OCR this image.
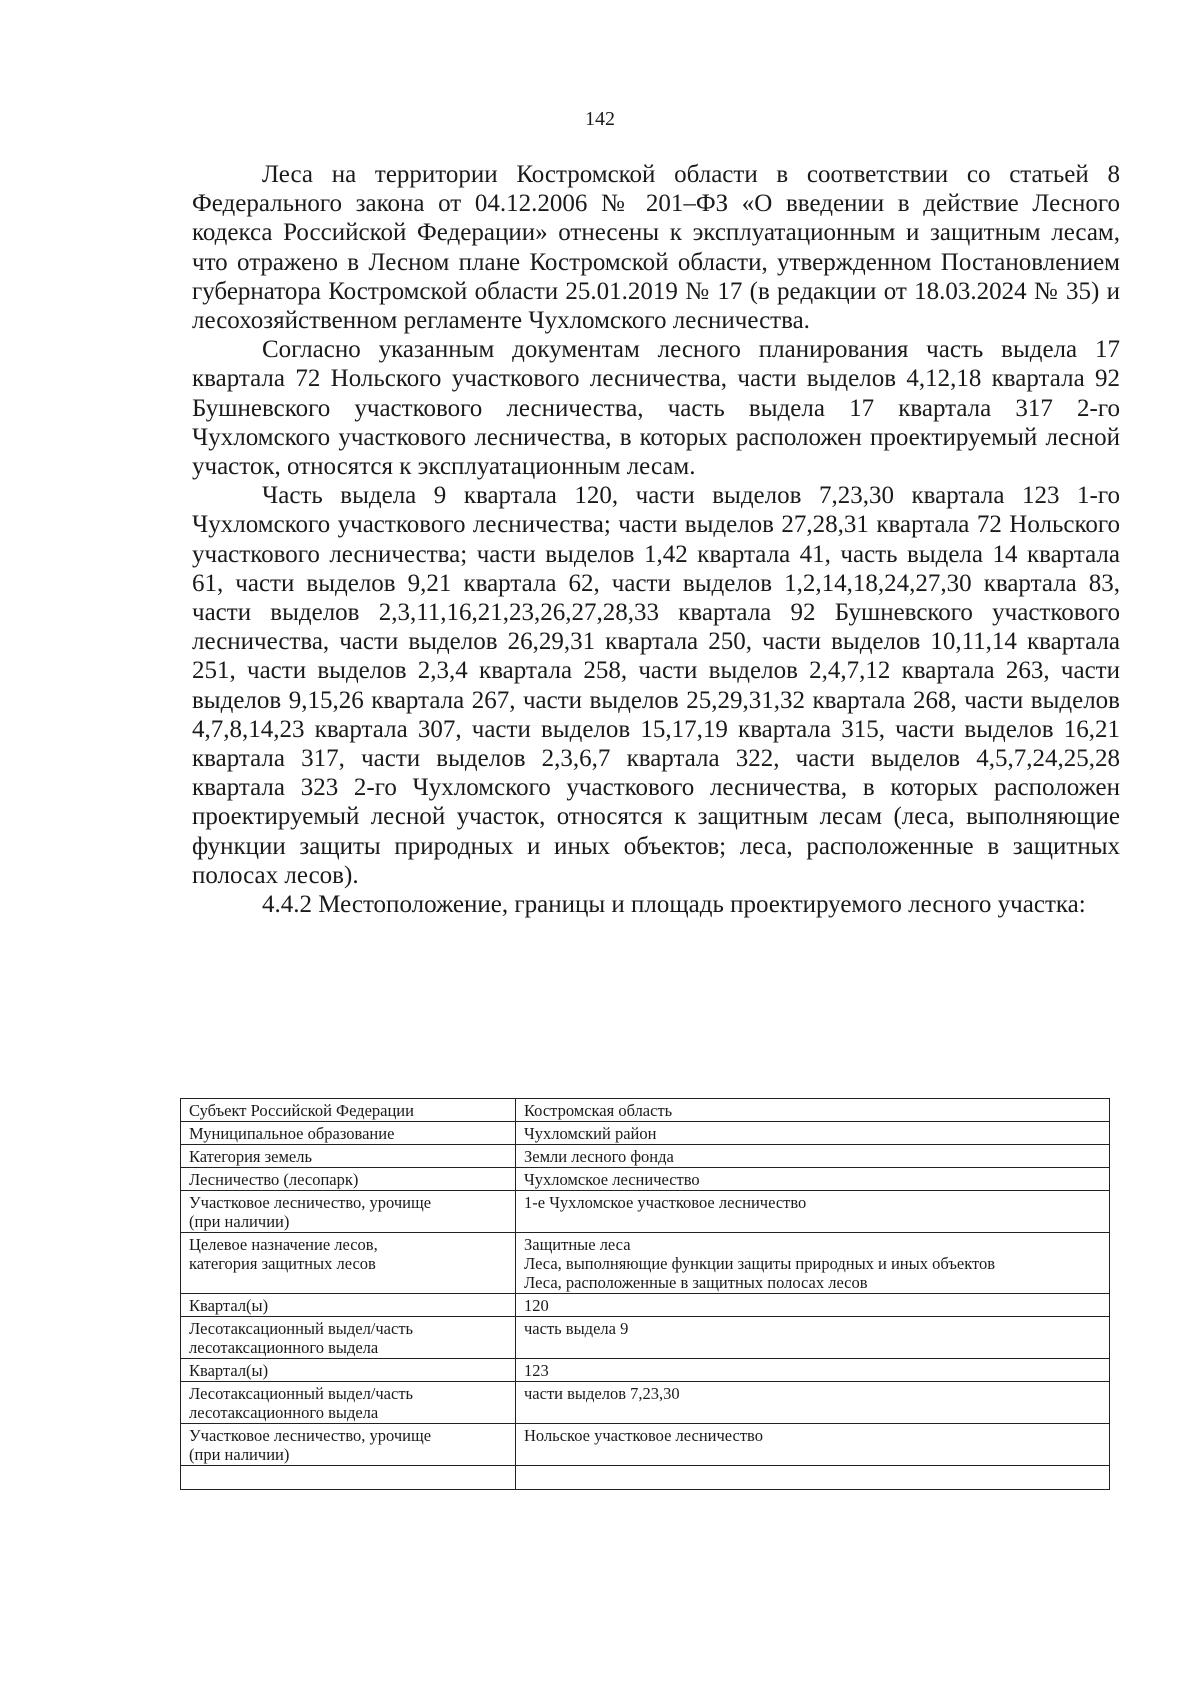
142

Леса на территории Костромской области в соответствии со статьей 8 Федерального закона от 04.12.2006 № 201–ФЗ «О введении в действие Лесного кодекса Российской Федерации» отнесены к эксплуатационным и защитным лесам, что отражено в Лесном плане Костромской области, утвержденном Постановлением губернатора Костромской области 25.01.2019 № 17 (в редакции от 18.03.2024 № 35) и лесохозяйственном регламенте Чухломского лесничества.

Согласно указанным документам лесного планирования часть выдела 17 квартала 72 Нольского участкового лесничества, части выделов 4,12,18 квартала 92 Бушневского участкового лесничества, часть выдела 17 квартала 317 2-го Чухломского участкового лесничества, в которых расположен проектируемый лесной участок, относятся к эксплуатационным лесам.

Часть выдела 9 квартала 120, части выделов 7,23,30 квартала 123 1-го Чухломского участкового лесничества; части выделов 27,28,31 квартала 72 Нольского участкового лесничества; части выделов 1,42 квартала 41, часть выдела 14 квартала 61, части выделов 9,21 квартала 62, части выделов 1,2,14,18,24,27,30 квартала 83, части выделов 2,3,11,16,21,23,26,27,28,33 квартала 92 Бушневского участкового лесничества, части выделов 26,29,31 квартала 250, части выделов 10,11,14 квартала 251, части выделов 2,3,4 квартала 258, части выделов 2,4,7,12 квартала 263, части выделов 9,15,26 квартала 267, части выделов 25,29,31,32 квартала 268, части выделов 4,7,8,14,23 квартала 307, части выделов 15,17,19 квартала 315, части выделов 16,21 квартала 317, части выделов 2,3,6,7 квартала 322, части выделов 4,5,7,24,25,28 квартала 323 2-го Чухломского участкового лесничества, в которых расположен проектируемый лесной участок, относятся к защитным лесам (леса, выполняющие функции защиты природных и иных объектов; леса, расположенные в защитных полосах лесов).

4.4.2 Местоположение, границы и площадь проектируемого лесного участка:

Субъект Российской Федерации	Костромская область
Муниципальное образование	Чухломский район
Категория земель	Земли лесного фонда
Лесничество (лесопарк)	Чухломское лесничество
Участковое лесничество, урочище
(при наличии)	1-е Чухломское участковое лесничество
Целевое назначение лесов,
категория защитных лесов	Защитные леса
Леса, выполняющие функции защиты природных и иных объектов
Леса, расположенные в защитных полосах лесов
Квартал(ы)	120
Лесотаксационный выдел/часть
лесотаксационного выдела	часть выдела 9
Квартал(ы)	123
Лесотаксационный выдел/часть
лесотаксационного выдела	части выделов 7,23,30
Участковое лесничество, урочище
(при наличии)	Нольское участковое лесничество
